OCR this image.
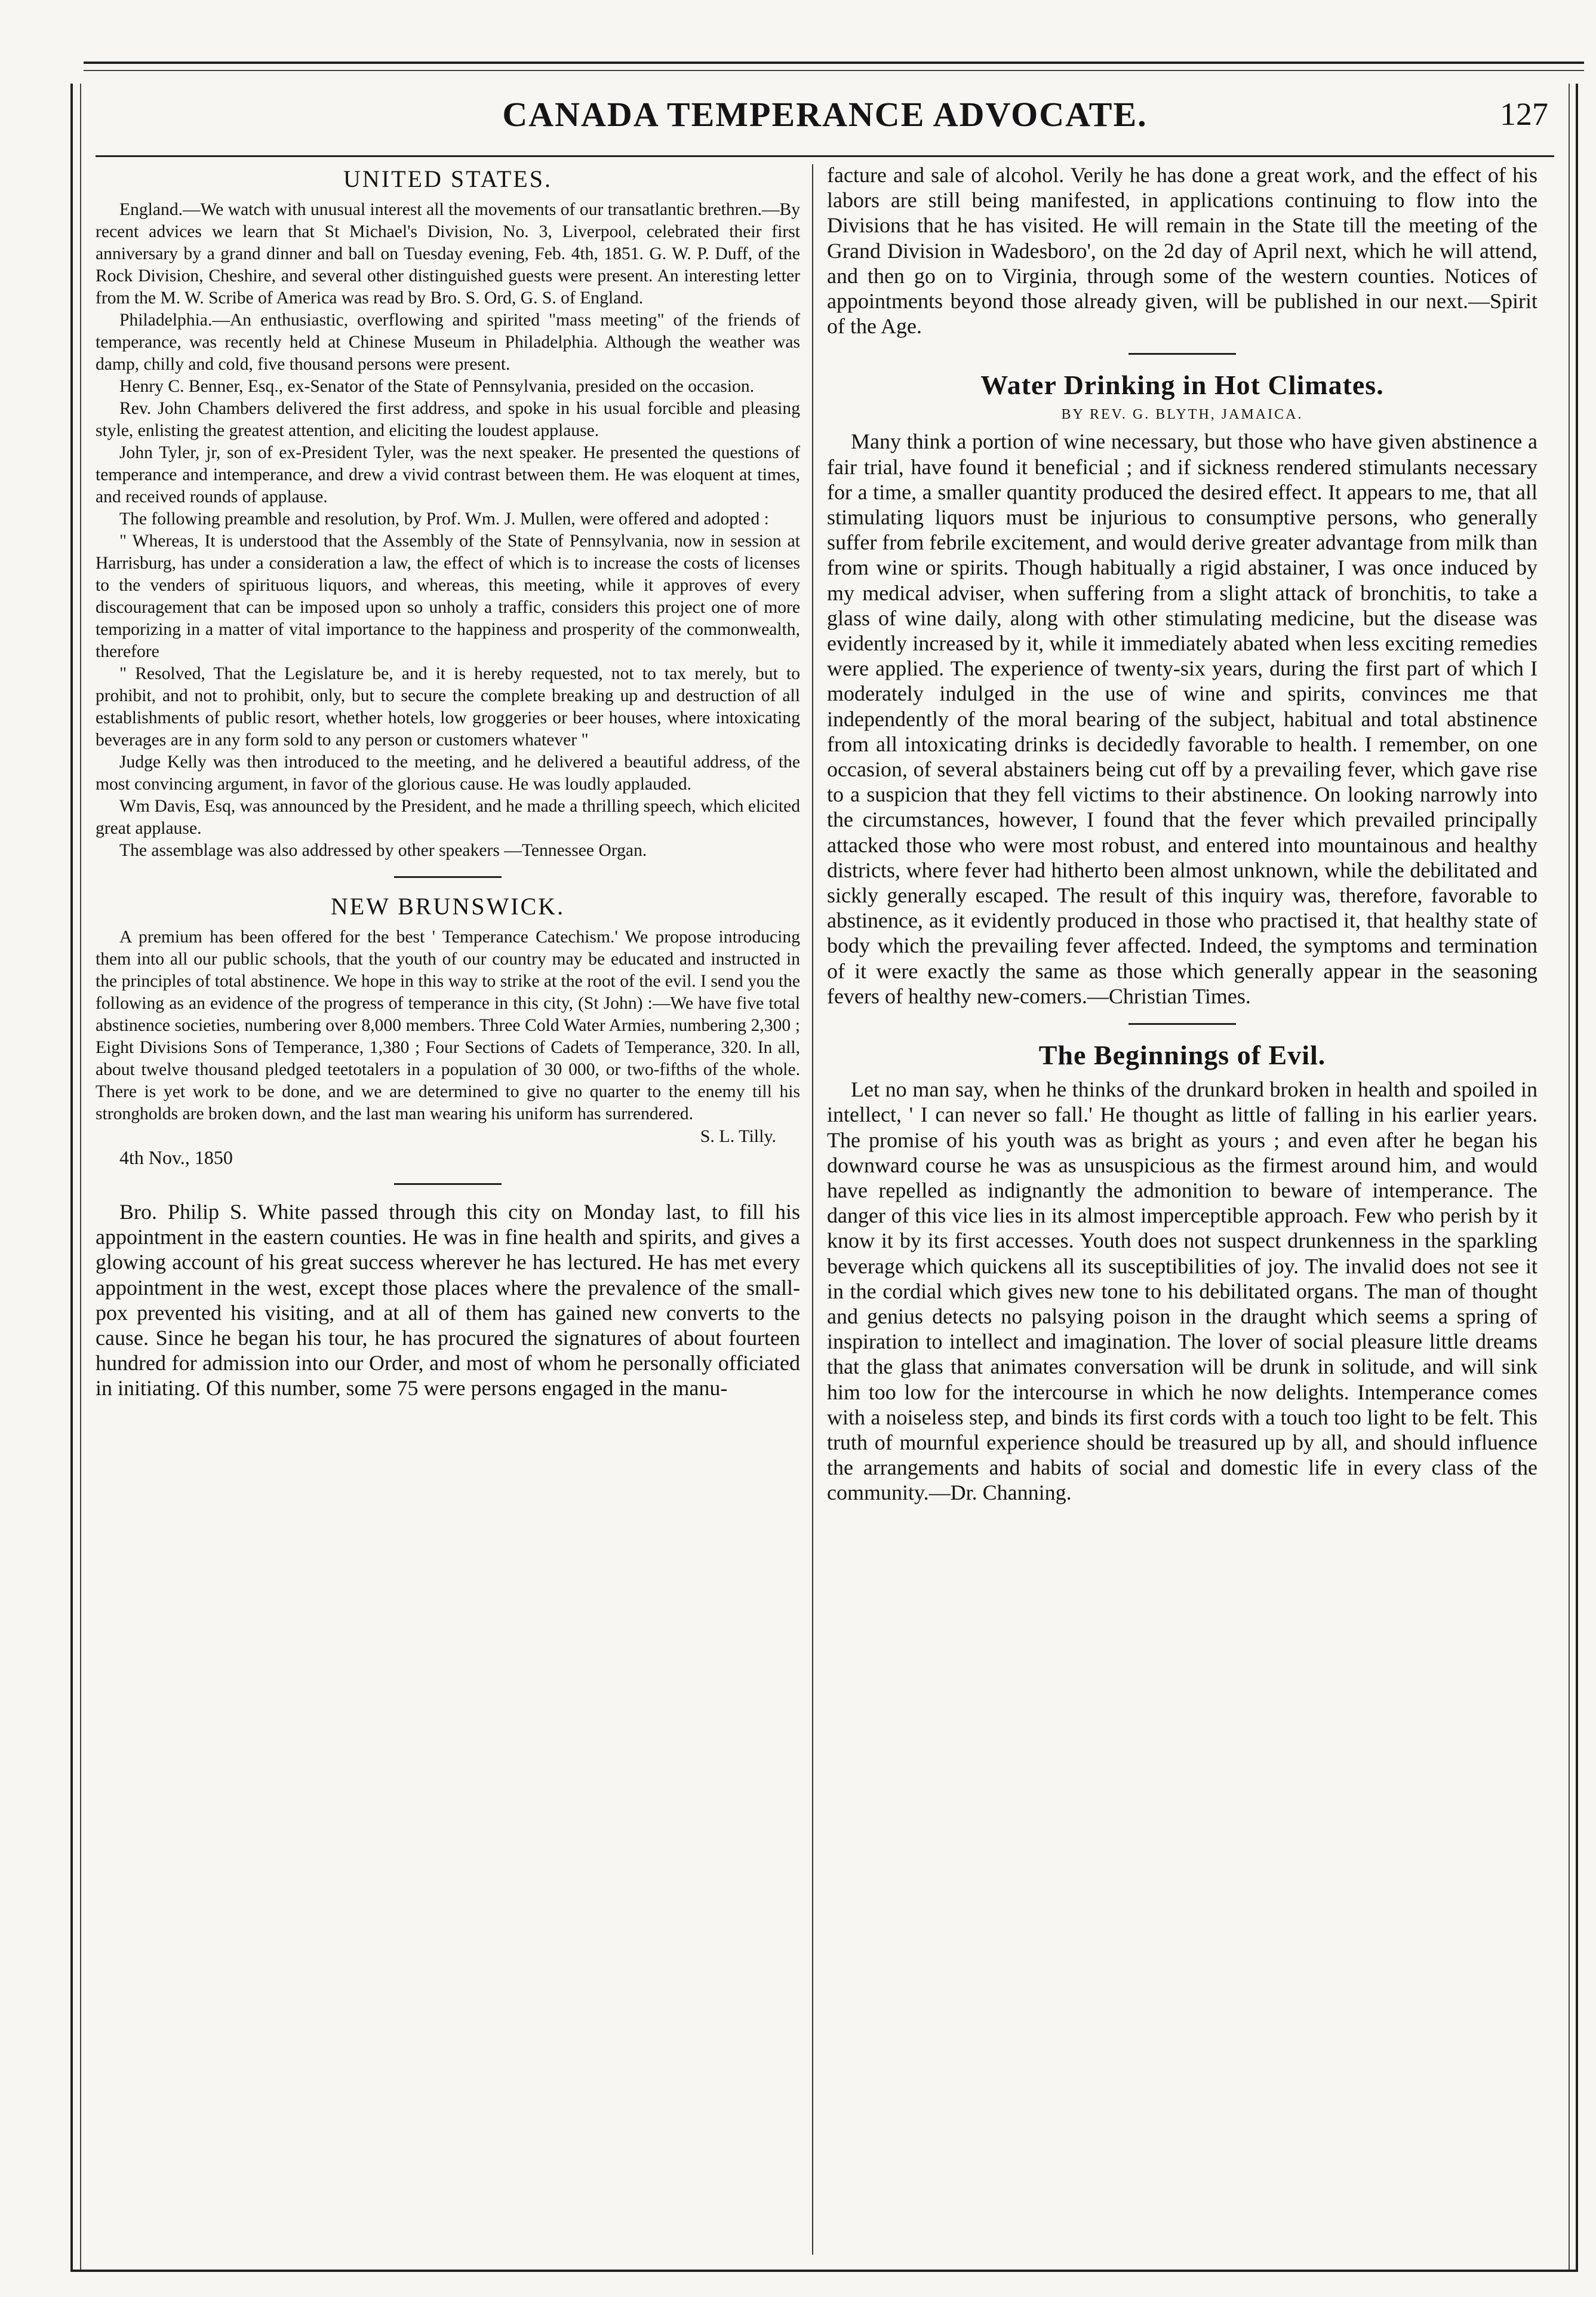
CANADA TEMPERANCE ADVOCATE.	127
UNITED STATES.

England.—We watch with unusual interest all the movements of our transatlantic brethren.—By recent advices we learn that St Michael's Division, No. 3, Liverpool, celebrated their first anniversary by a grand dinner and ball on Tuesday evening, Feb. 4th, 1851. G. W. P. Duff, of the Rock Division, Cheshire, and several other distinguished guests were present. An interesting letter from the M. W. Scribe of America was read by Bro. S. Ord, G. S. of England.

Philadelphia.—An enthusiastic, overflowing and spirited "mass meeting" of the friends of temperance, was recently held at Chinese Museum in Philadelphia. Although the weather was damp, chilly and cold, five thousand persons were present.

Henry C. Benner, Esq., ex-Senator of the State of Pennsylvania, presided on the occasion.

Rev. John Chambers delivered the first address, and spoke in his usual forcible and pleasing style, enlisting the greatest attention, and eliciting the loudest applause.

John Tyler, jr, son of ex-President Tyler, was the next speaker. He presented the questions of temperance and intemperance, and drew a vivid contrast between them. He was eloquent at times, and received rounds of applause.

The following preamble and resolution, by Prof. Wm. J. Mullen, were offered and adopted :

" Whereas, It is understood that the Assembly of the State of Pennsylvania, now in session at Harrisburg, has under a consideration a law, the effect of which is to increase the costs of licenses to the venders of spirituous liquors, and whereas, this meeting, while it approves of every discouragement that can be imposed upon so unholy a traffic, considers this project one of more temporizing in a matter of vital importance to the happiness and prosperity of the commonwealth, therefore

" Resolved, That the Legislature be, and it is hereby requested, not to tax merely, but to prohibit, and not to prohibit, only, but to secure the complete breaking up and destruction of all establishments of public resort, whether hotels, low groggeries or beer houses, where intoxicating beverages are in any form sold to any person or customers whatever "

Judge Kelly was then introduced to the meeting, and he delivered a beautiful address, of the most convincing argument, in favor of the glorious cause. He was loudly applauded.

Wm Davis, Esq, was announced by the President, and he made a thrilling speech, which elicited great applause.

The assemblage was also addressed by other speakers —Tennessee Organ.

NEW BRUNSWICK.

A premium has been offered for the best ' Temperance Catechism.' We propose introducing them into all our public schools, that the youth of our country may be educated and instructed in the principles of total abstinence. We hope in this way to strike at the root of the evil. I send you the following as an evidence of the progress of temperance in this city, (St John) :—We have five total abstinence societies, numbering over 8,000 members. Three Cold Water Armies, numbering 2,300 ; Eight Divisions Sons of Temperance, 1,380 ; Four Sections of Cadets of Temperance, 320. In all, about twelve thousand pledged teetotalers in a population of 30 000, or two-fifths of the whole. There is yet work to be done, and we are determined to give no quarter to the enemy till his strongholds are broken down, and the last man wearing his uniform has surrendered.

S. L. Tilly.
4th Nov., 1850

Bro. Philip S. White passed through this city on Monday last, to fill his appointment in the eastern counties. He was in fine health and spirits, and gives a glowing account of his great success wherever he has lectured. He has met every appointment in the west, except those places where the prevalence of the small-pox prevented his visiting, and at all of them has gained new converts to the cause. Since he began his tour, he has procured the signatures of about fourteen hundred for admission into our Order, and most of whom he personally officiated in initiating. Of this number, some 75 were persons engaged in the manu-

facture and sale of alcohol. Verily he has done a great work, and the effect of his labors are still being manifested, in applications continuing to flow into the Divisions that he has visited. He will remain in the State till the meeting of the Grand Division in Wadesboro', on the 2d day of April next, which he will attend, and then go on to Virginia, through some of the western counties. Notices of appointments beyond those already given, will be published in our next.—Spirit of the Age.

Water Drinking in Hot Climates.
BY REV. G. BLYTH, JAMAICA.

Many think a portion of wine necessary, but those who have given abstinence a fair trial, have found it beneficial ; and if sickness rendered stimulants necessary for a time, a smaller quantity produced the desired effect. It appears to me, that all stimulating liquors must be injurious to consumptive persons, who generally suffer from febrile excitement, and would derive greater advantage from milk than from wine or spirits. Though habitually a rigid abstainer, I was once induced by my medical adviser, when suffering from a slight attack of bronchitis, to take a glass of wine daily, along with other stimulating medicine, but the disease was evidently increased by it, while it immediately abated when less exciting remedies were applied. The experience of twenty-six years, during the first part of which I moderately indulged in the use of wine and spirits, convinces me that independently of the moral bearing of the subject, habitual and total abstinence from all intoxicating drinks is decidedly favorable to health. I remember, on one occasion, of several abstainers being cut off by a prevailing fever, which gave rise to a suspicion that they fell victims to their abstinence. On looking narrowly into the circumstances, however, I found that the fever which prevailed principally attacked those who were most robust, and entered into mountainous and healthy districts, where fever had hitherto been almost unknown, while the debilitated and sickly generally escaped. The result of this inquiry was, therefore, favorable to abstinence, as it evidently produced in those who practised it, that healthy state of body which the prevailing fever affected. Indeed, the symptoms and termination of it were exactly the same as those which generally appear in the seasoning fevers of healthy new-comers.—Christian Times.

The Beginnings of Evil.

Let no man say, when he thinks of the drunkard broken in health and spoiled in intellect, ' I can never so fall.' He thought as little of falling in his earlier years. The promise of his youth was as bright as yours ; and even after he began his downward course he was as unsuspicious as the firmest around him, and would have repelled as indignantly the admonition to beware of intemperance. The danger of this vice lies in its almost imperceptible approach. Few who perish by it know it by its first accesses. Youth does not suspect drunkenness in the sparkling beverage which quickens all its susceptibilities of joy. The invalid does not see it in the cordial which gives new tone to his debilitated organs. The man of thought and genius detects no palsying poison in the draught which seems a spring of inspiration to intellect and imagination. The lover of social pleasure little dreams that the glass that animates conversation will be drunk in solitude, and will sink him too low for the intercourse in which he now delights. Intemperance comes with a noiseless step, and binds its first cords with a touch too light to be felt. This truth of mournful experience should be treasured up by all, and should influence the arrangements and habits of social and domestic life in every class of the community.—Dr. Channing.
